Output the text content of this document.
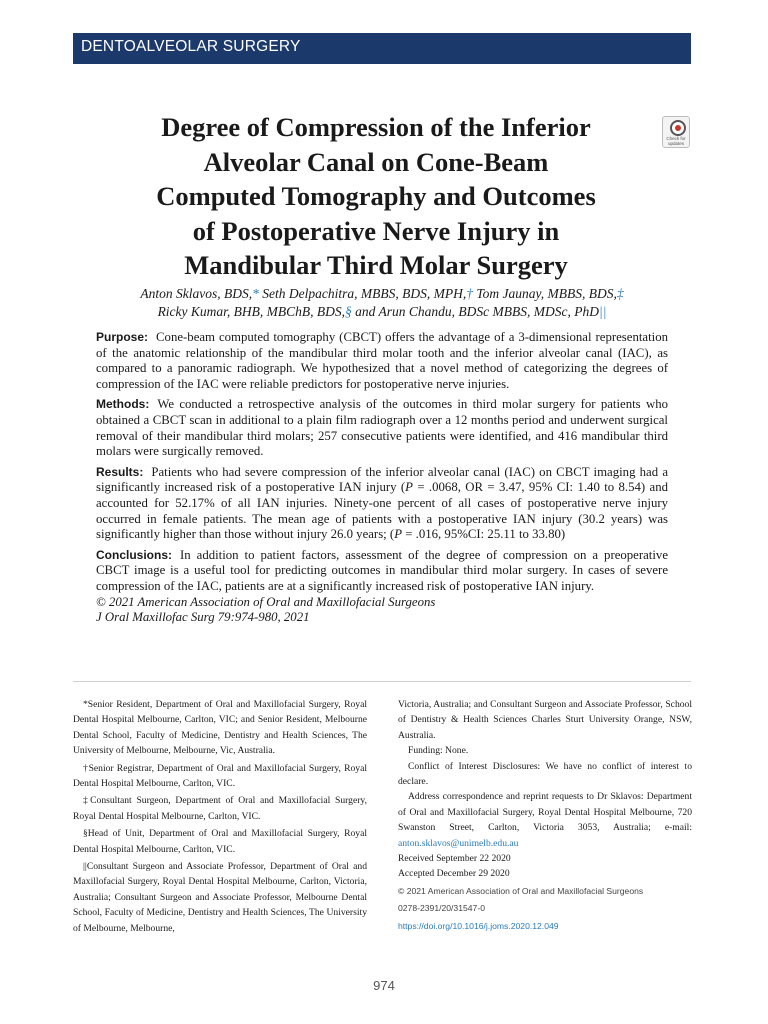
DENTOALVEOLAR SURGERY
Degree of Compression of the Inferior
Alveolar Canal on Cone-Beam
Computed Tomography and Outcomes
of Postoperative Nerve Injury in
Mandibular Third Molar Surgery
Check for updates
Anton Sklavos, BDS,* Seth Delpachitra, MBBS, BDS, MPH,† Tom Jaunay, MBBS, BDS,‡
Ricky Kumar, BHB, MBChB, BDS,§ and Arun Chandu, BDSc MBBS, MDSc, PhD||

Purpose: Cone-beam computed tomography (CBCT) offers the advantage of a 3-dimensional representation of the anatomic relationship of the mandibular third molar tooth and the inferior alveolar canal (IAC), as compared to a panoramic radiograph. We hypothesized that a novel method of categorizing the degrees of compression of the IAC were reliable predictors for postoperative nerve injuries.

Methods: We conducted a retrospective analysis of the outcomes in third molar surgery for patients who obtained a CBCT scan in additional to a plain film radiograph over a 12 months period and underwent surgical removal of their mandibular third molars; 257 consecutive patients were identified, and 416 mandibular third molars were surgically removed.

Results: Patients who had severe compression of the inferior alveolar canal (IAC) on CBCT imaging had a significantly increased risk of a postoperative IAN injury (P = .0068, OR = 3.47, 95% CI: 1.40 to 8.54) and accounted for 52.17% of all IAN injuries. Ninety-one percent of all cases of postoperative nerve injury occurred in female patients. The mean age of patients with a postoperative IAN injury (30.2 years) was significantly higher than those without injury 26.0 years; (P = .016, 95%CI: 25.11 to 33.80)

Conclusions: In addition to patient factors, assessment of the degree of compression on a preoperative CBCT image is a useful tool for predicting outcomes in mandibular third molar surgery. In cases of severe compression of the IAC, patients are at a significantly increased risk of postoperative IAN injury.

© 2021 American Association of Oral and Maxillofacial Surgeons

J Oral Maxillofac Surg 79:974-980, 2021

*Senior Resident, Department of Oral and Maxillofacial Surgery, Royal Dental Hospital Melbourne, Carlton, VIC; and Senior Resident, Melbourne Dental School, Faculty of Medicine, Dentistry and Health Sciences, The University of Melbourne, Melbourne, Vic, Australia.

†Senior Registrar, Department of Oral and Maxillofacial Surgery, Royal Dental Hospital Melbourne, Carlton, VIC.

‡Consultant Surgeon, Department of Oral and Maxillofacial Surgery, Royal Dental Hospital Melbourne, Carlton, VIC.

§Head of Unit, Department of Oral and Maxillofacial Surgery, Royal Dental Hospital Melbourne, Carlton, VIC.

||Consultant Surgeon and Associate Professor, Department of Oral and Maxillofacial Surgery, Royal Dental Hospital Melbourne, Carlton, Victoria, Australia; Consultant Surgeon and Associate Professor, Melbourne Dental School, Faculty of Medicine, Dentistry and Health Sciences, The University of Melbourne, Melbourne,

Victoria, Australia; and Consultant Surgeon and Associate Professor, School of Dentistry & Health Sciences Charles Sturt University Orange, NSW, Australia.

Funding: None.

Conflict of Interest Disclosures: We have no conflict of interest to declare.

Address correspondence and reprint requests to Dr Sklavos: Department of Oral and Maxillofacial Surgery, Royal Dental Hospital Melbourne, 720 Swanston Street, Carlton, Victoria 3053, Australia; e-mail: anton.sklavos@unimelb.edu.au

Received September 22 2020

Accepted December 29 2020

© 2021 American Association of Oral and Maxillofacial Surgeons

0278-2391/20/31547-0

https://doi.org/10.1016/j.joms.2020.12.049

974
